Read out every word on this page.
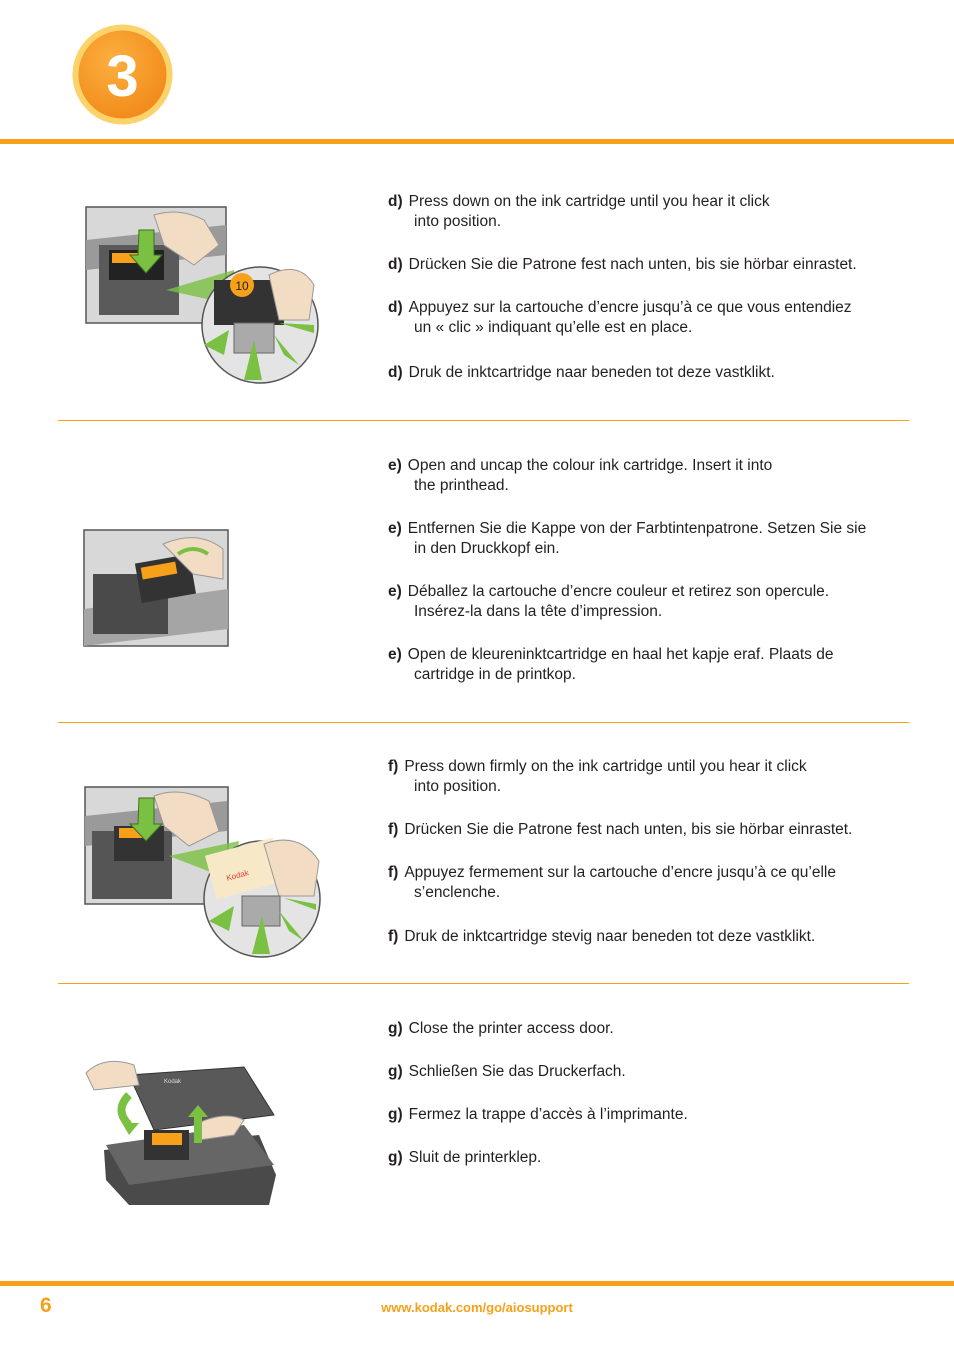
3
10
d) Press down on the ink cartridge until you hear it click
into position.
d) Drücken Sie die Patrone fest nach unten, bis sie hörbar einrastet.
d) Appuyez sur la cartouche d’encre jusqu’à ce que vous entendiez
un « clic » indiquant qu’elle est en place.
d) Druk de inktcartridge naar beneden tot deze vastklikt.
e) Open and uncap the colour ink cartridge. Insert it into
the printhead.
e) Entfernen Sie die Kappe von der Farbtintenpatrone. Setzen Sie sie
in den Druckkopf ein.
e) Déballez la cartouche d’encre couleur et retirez son opercule.
Insérez-la dans la tête d’impression.
e) Open de kleureninktcartridge en haal het kapje eraf. Plaats de
cartridge in de printkop.
Kodak
f) Press down firmly on the ink cartridge until you hear it click
into position.
f) Drücken Sie die Patrone fest nach unten, bis sie hörbar einrastet.
f) Appuyez fermement sur la cartouche d’encre jusqu’à ce qu’elle
s’enclenche.
f) Druk de inktcartridge stevig naar beneden tot deze vastklikt.
Kodak
g) Close the printer access door.
g) Schließen Sie das Druckerfach.
g) Fermez la trappe d’accès à l’imprimante.
g) Sluit de printerklep.
6	www.kodak.com/go/aiosupport
